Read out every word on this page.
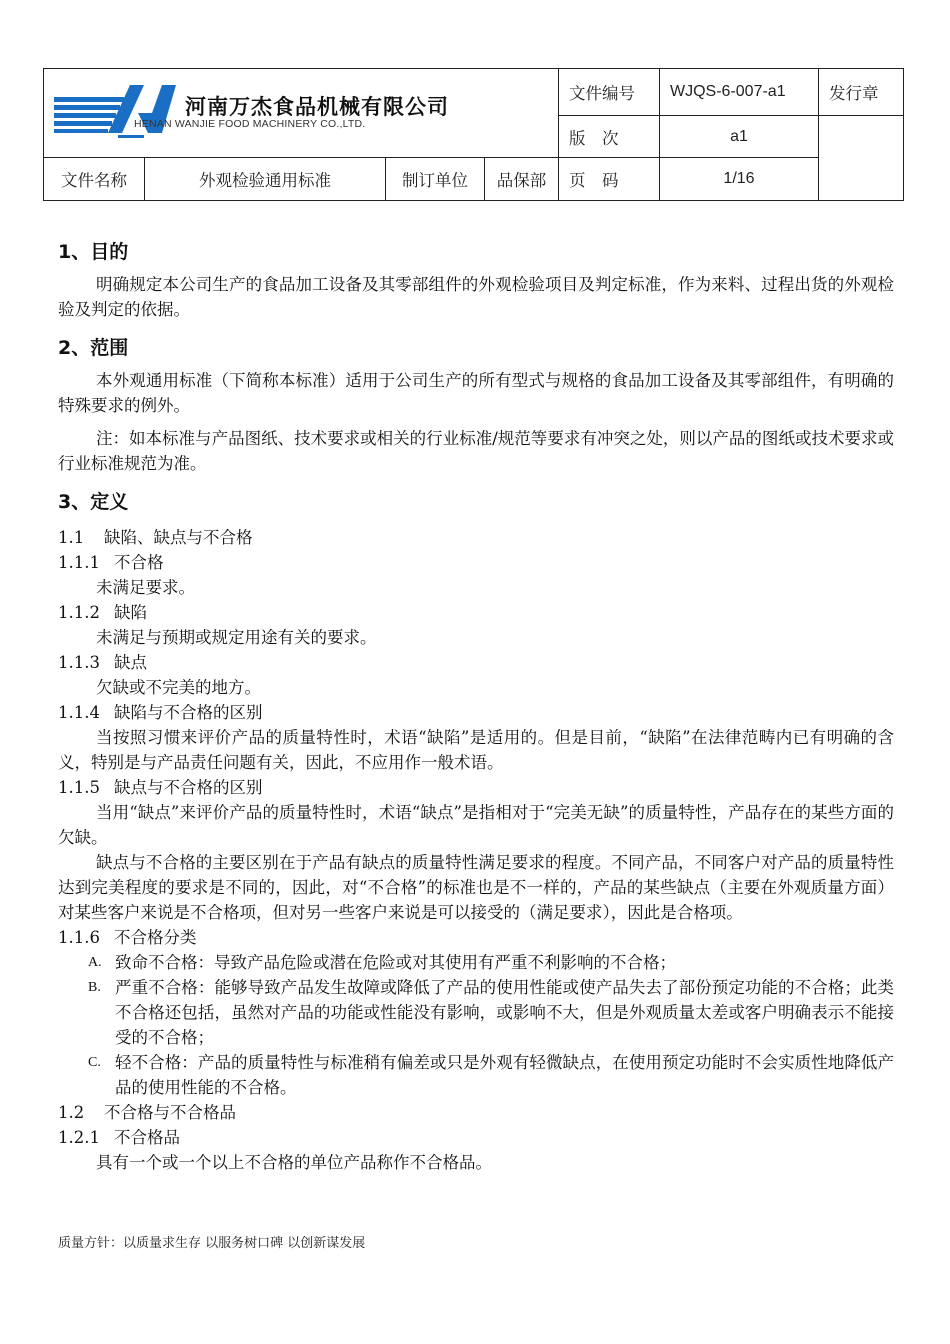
河南万杰食品机械有限公司
HENAN WANJIE FOOD MACHINERY CO.,LTD.				文件编号	WJQS-6-007-a1	发行章
				版　次	a1	
文件名称	外观检验通用标准	制订单位	品保部	页　码	1/16	
1、目的

明确规定本公司生产的食品加工设备及其零部组件的外观检验项目及判定标准，作为来料、过程出货的外观检验及判定的依据。

2、范围

本外观通用标准（下简称本标准）适用于公司生产的所有型式与规格的食品加工设备及其零部组件，有明确的特殊要求的例外。

注：如本标准与产品图纸、技术要求或相关的行业标准/规范等要求有冲突之处，则以产品的图纸或技术要求或行业标准规范为准。

3、定义
1.1 缺陷、缺点与不合格
1.1.1 不合格

未满足要求。

1.1.2 缺陷

未满足与预期或规定用途有关的要求。

1.1.3 缺点

欠缺或不完美的地方。

1.1.4 缺陷与不合格的区别

当按照习惯来评价产品的质量特性时，术语“缺陷”是适用的。但是目前，“缺陷”在法律范畴内已有明确的含义，特别是与产品责任问题有关，因此，不应用作一般术语。

1.1.5 缺点与不合格的区别

当用“缺点”来评价产品的质量特性时，术语“缺点”是指相对于“完美无缺”的质量特性，产品存在的某些方面的欠缺。

缺点与不合格的主要区别在于产品有缺点的质量特性满足要求的程度。不同产品，不同客户对产品的质量特性达到完美程度的要求是不同的，因此，对“不合格”的标准也是不一样的，产品的某些缺点（主要在外观质量方面）对某些客户来说是不合格项，但对另一些客户来说是可以接受的（满足要求），因此是合格项。

1.1.6 不合格分类
A. 致命不合格：导致产品危险或潜在危险或对其使用有严重不利影响的不合格；
B. 严重不合格：能够导致产品发生故障或降低了产品的使用性能或使产品失去了部份预定功能的不合格；此类不合格还包括，虽然对产品的功能或性能没有影响，或影响不大，但是外观质量太差或客户明确表示不能接受的不合格；
C. 轻不合格：产品的质量特性与标准稍有偏差或只是外观有轻微缺点，在使用预定功能时不会实质性地降低产品的使用性能的不合格。
1.2 不合格与不合格品
1.2.1 不合格品

具有一个或一个以上不合格的单位产品称作不合格品。

质量方针：以质量求生存 以服务树口碑 以创新谋发展
